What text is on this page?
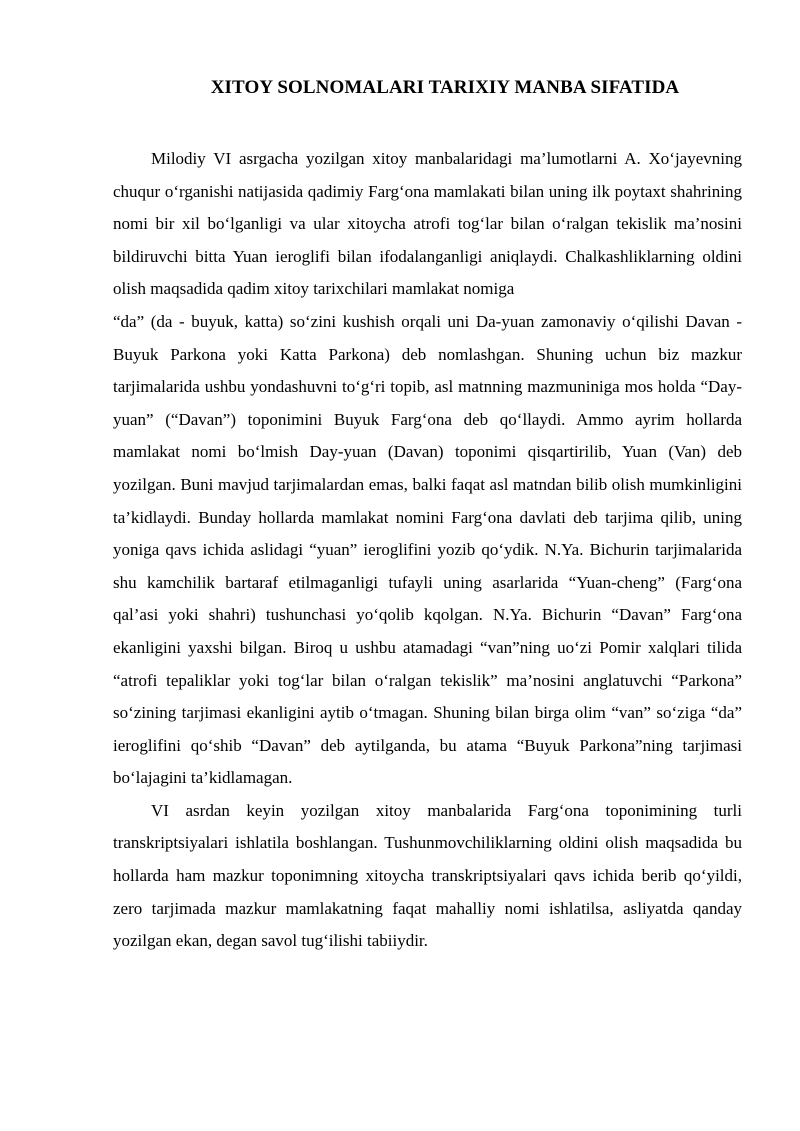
XITOY SOLNOMALARI TARIXIY MANBA SIFATIDA

Milodiy VI asrgacha yozilgan xitoy manbalaridagi ma’lumotlarni A. Xo‘jayevning chuqur o‘rganishi natijasida qadimiy Farg‘ona mamlakati bilan uning ilk poytaxt shahrining nomi bir xil bo‘lganligi va ular xitoycha atrofi tog‘lar bilan o‘ralgan tekislik ma’nosini bildiruvchi bitta Yuan ieroglifi bilan ifodalanganligi aniqlaydi. Chalkashliklarning oldini olish maqsadida qadim xitoy tarixchilari mamlakat nomiga

“da” (da - buyuk, katta) so‘zini kushish orqali uni Da-yuan zamonaviy o‘qilishi Davan - Buyuk Parkona yoki Katta Parkona) deb nomlashgan. Shuning uchun biz mazkur tarjimalarida ushbu yondashuvni to‘g‘ri topib, asl matnning mazmuniniga mos holda “Day-yuan” (“Davan”) toponimini Buyuk Farg‘ona deb qo‘llaydi. Ammo ayrim hollarda mamlakat nomi bo‘lmish Day-yuan (Davan) toponimi qisqartirilib, Yuan (Van) deb yozilgan. Buni mavjud tarjimalardan emas, balki faqat asl matndan bilib olish mumkinligini ta’kidlaydi. Bunday hollarda mamlakat nomini Farg‘ona davlati deb tarjima qilib, uning yoniga qavs ichida aslidagi “yuan” ieroglifini yozib qo‘ydik. N.Ya. Bichurin tarjimalarida shu kamchilik bartaraf etilmaganligi tufayli uning asarlarida “Yuan-cheng” (Farg‘ona qal’asi yoki shahri) tushunchasi yo‘qolib kqolgan. N.Ya. Bichurin “Davan” Farg‘ona ekanligini yaxshi bilgan. Biroq u ushbu atamadagi “van”ning uo‘zi Pomir xalqlari tilida “atrofi tepaliklar yoki tog‘lar bilan o‘ralgan tekislik” ma’nosini anglatuvchi “Parkona” so‘zining tarjimasi ekanligini aytib o‘tmagan. Shuning bilan birga olim “van” so‘ziga “da” ieroglifini qo‘shib “Davan” deb aytilganda, bu atama “Buyuk Parkona”ning tarjimasi bo‘lajagini ta’kidlamagan.

VI asrdan keyin yozilgan xitoy manbalarida Farg‘ona toponimining turli transkriptsiyalari ishlatila boshlangan. Tushunmovchiliklarning oldini olish maqsadida bu hollarda ham mazkur toponimning xitoycha transkriptsiyalari qavs ichida berib qo‘yildi, zero tarjimada mazkur mamlakatning faqat mahalliy nomi ishlatilsa, asliyatda qanday yozilgan ekan, degan savol tug‘ilishi tabiiydir.
